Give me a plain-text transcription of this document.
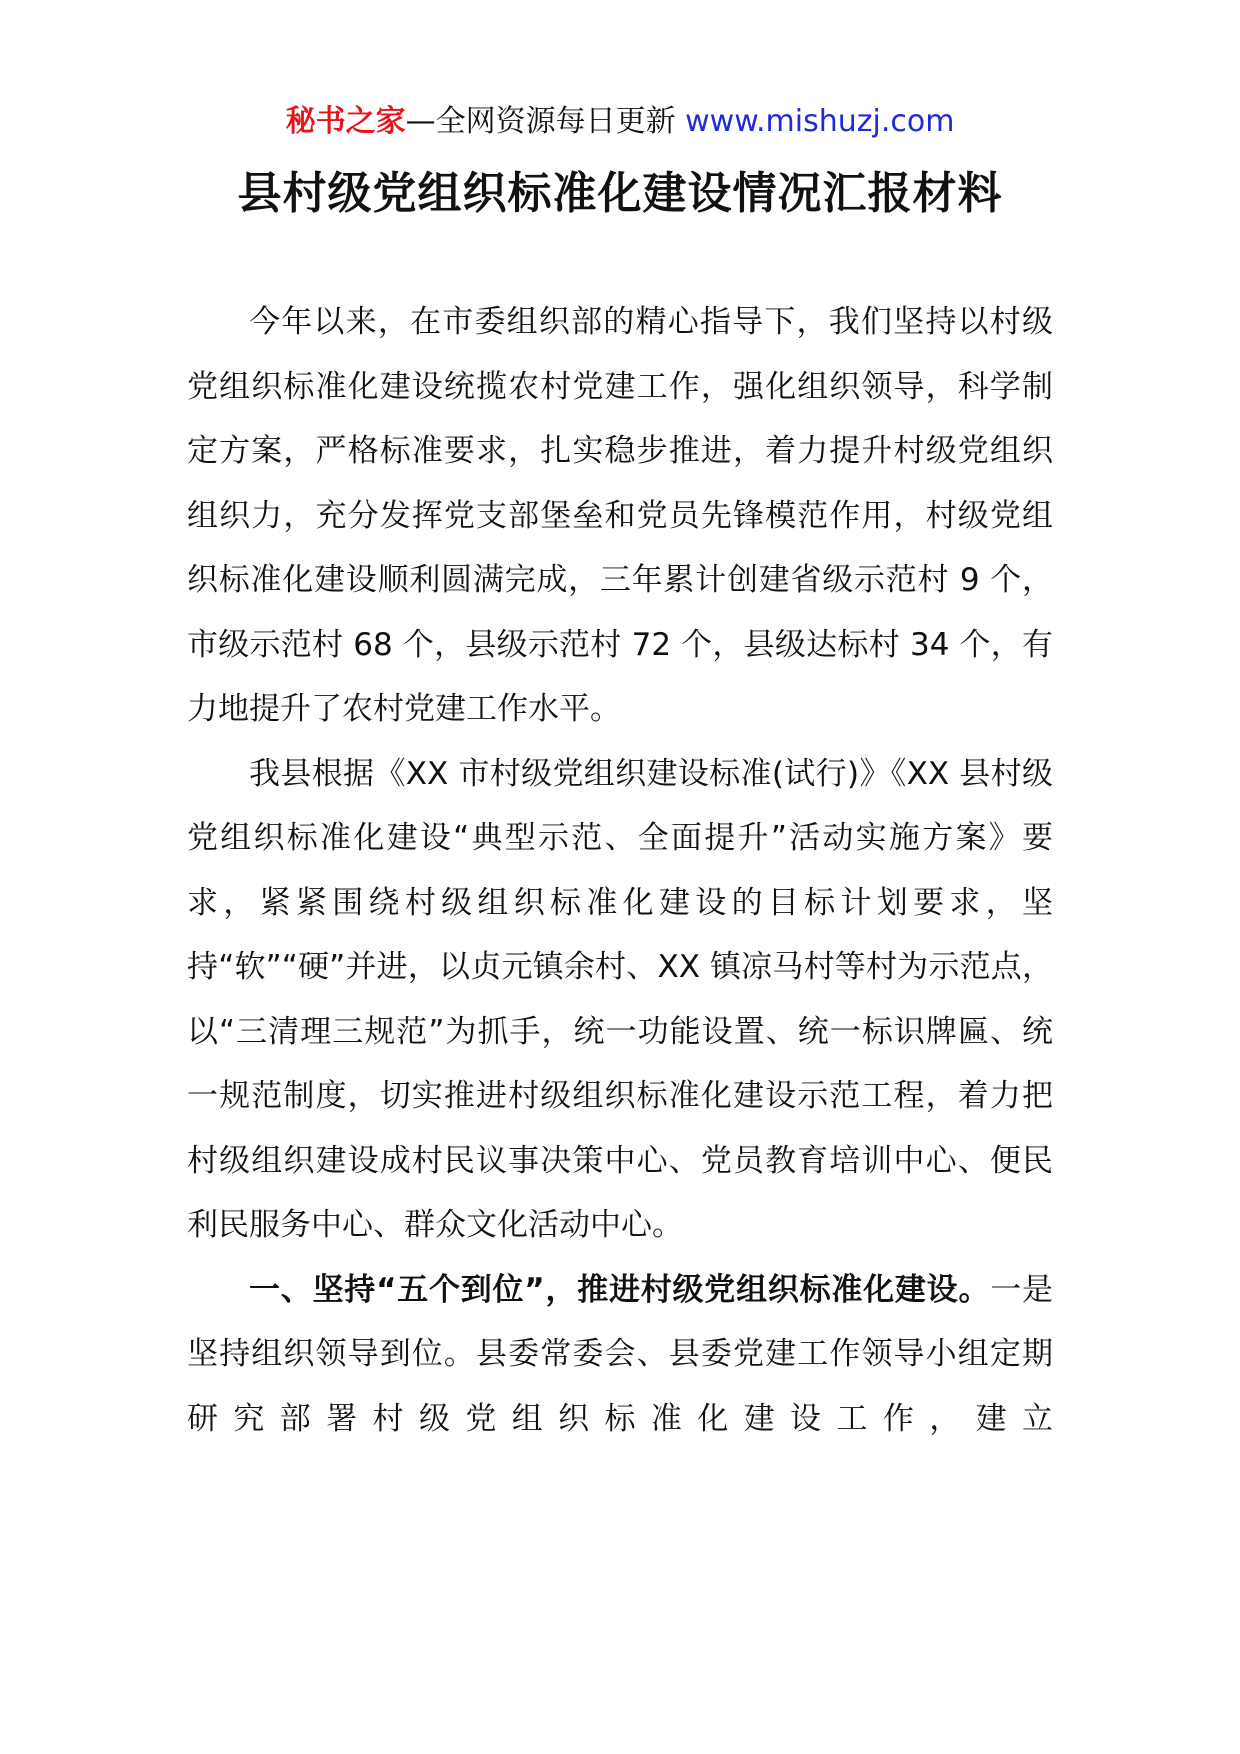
秘书之家—全网资源每日更新 www.mishuzj.com
县村级党组织标准化建设情况汇报材料

今年以来，在市委组织部的精心指导下，我们坚持以村级党组织标准化建设统揽农村党建工作，强化组织领导，科学制定方案，严格标准要求，扎实稳步推进，着力提升村级党组织组织力，充分发挥党支部堡垒和党员先锋模范作用，村级党组织标准化建设顺利圆满完成，三年累计创建省级示范村 9 个，市级示范村 68 个，县级示范村 72 个，县级达标村 34 个，有力地提升了农村党建工作水平。

我县根据《XX 市村级党组织建设标准(试行)》《XX 县村级党组织标准化建设“典型示范、全面提升”活动实施方案》要求，紧紧围绕村级组织标准化建设的目标计划要求，坚持“软”“硬”并进，以贞元镇余村、XX 镇凉马村等村为示范点，以“三清理三规范”为抓手，统一功能设置、统一标识牌匾、统一规范制度，切实推进村级组织标准化建设示范工程，着力把村级组织建设成村民议事决策中心、党员教育培训中心、便民利民服务中心、群众文化活动中心。

一、坚持“五个到位”，推进村级党组织标准化建设。一是坚持组织领导到位。县委常委会、县委党建工作领导小组定期研究部署村级党组织标准化建设工作，建立
